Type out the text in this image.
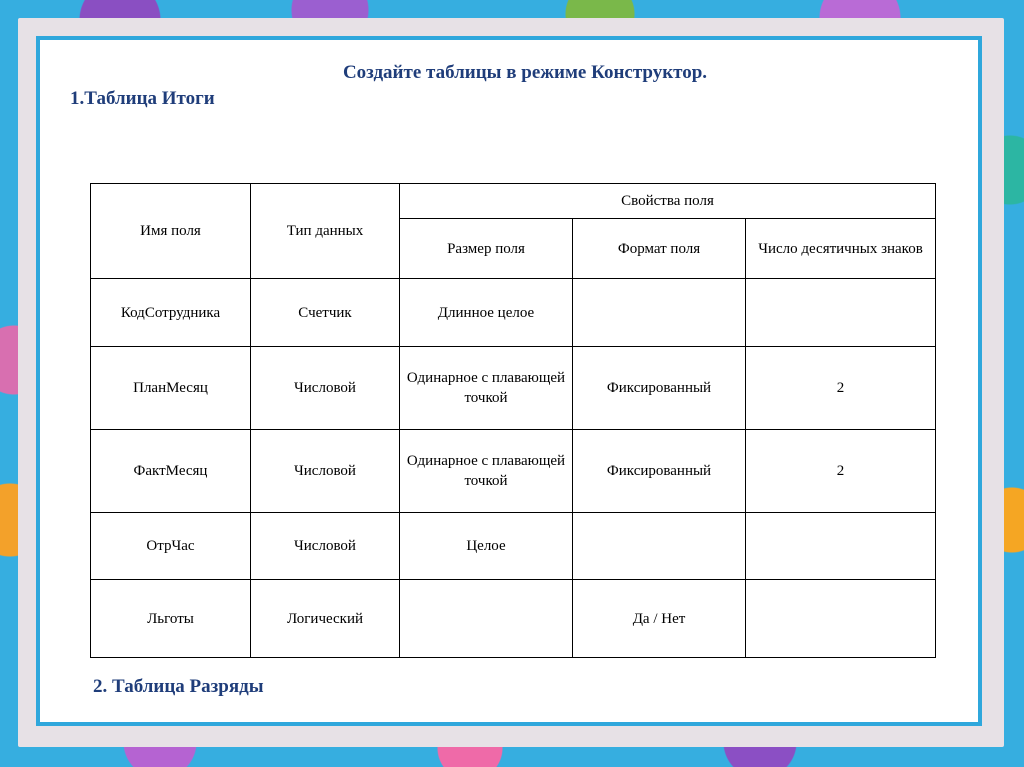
Создайте таблицы в режиме Конструктор.
1.Таблица Итоги
Имя поля	Тип данных	Свойства поля		
		Размер поля	Формат поля	Число десятичных знаков
КодСотрудника	Счетчик	Длинное целое		
ПланМесяц	Числовой	Одинарное с плавающей точкой	Фиксированный	2
ФактМесяц	Числовой	Одинарное с плавающей точкой	Фиксированный	2
ОтрЧас	Числовой	Целое		
Льготы	Логический		Да / Нет	
2. Таблица Разряды
